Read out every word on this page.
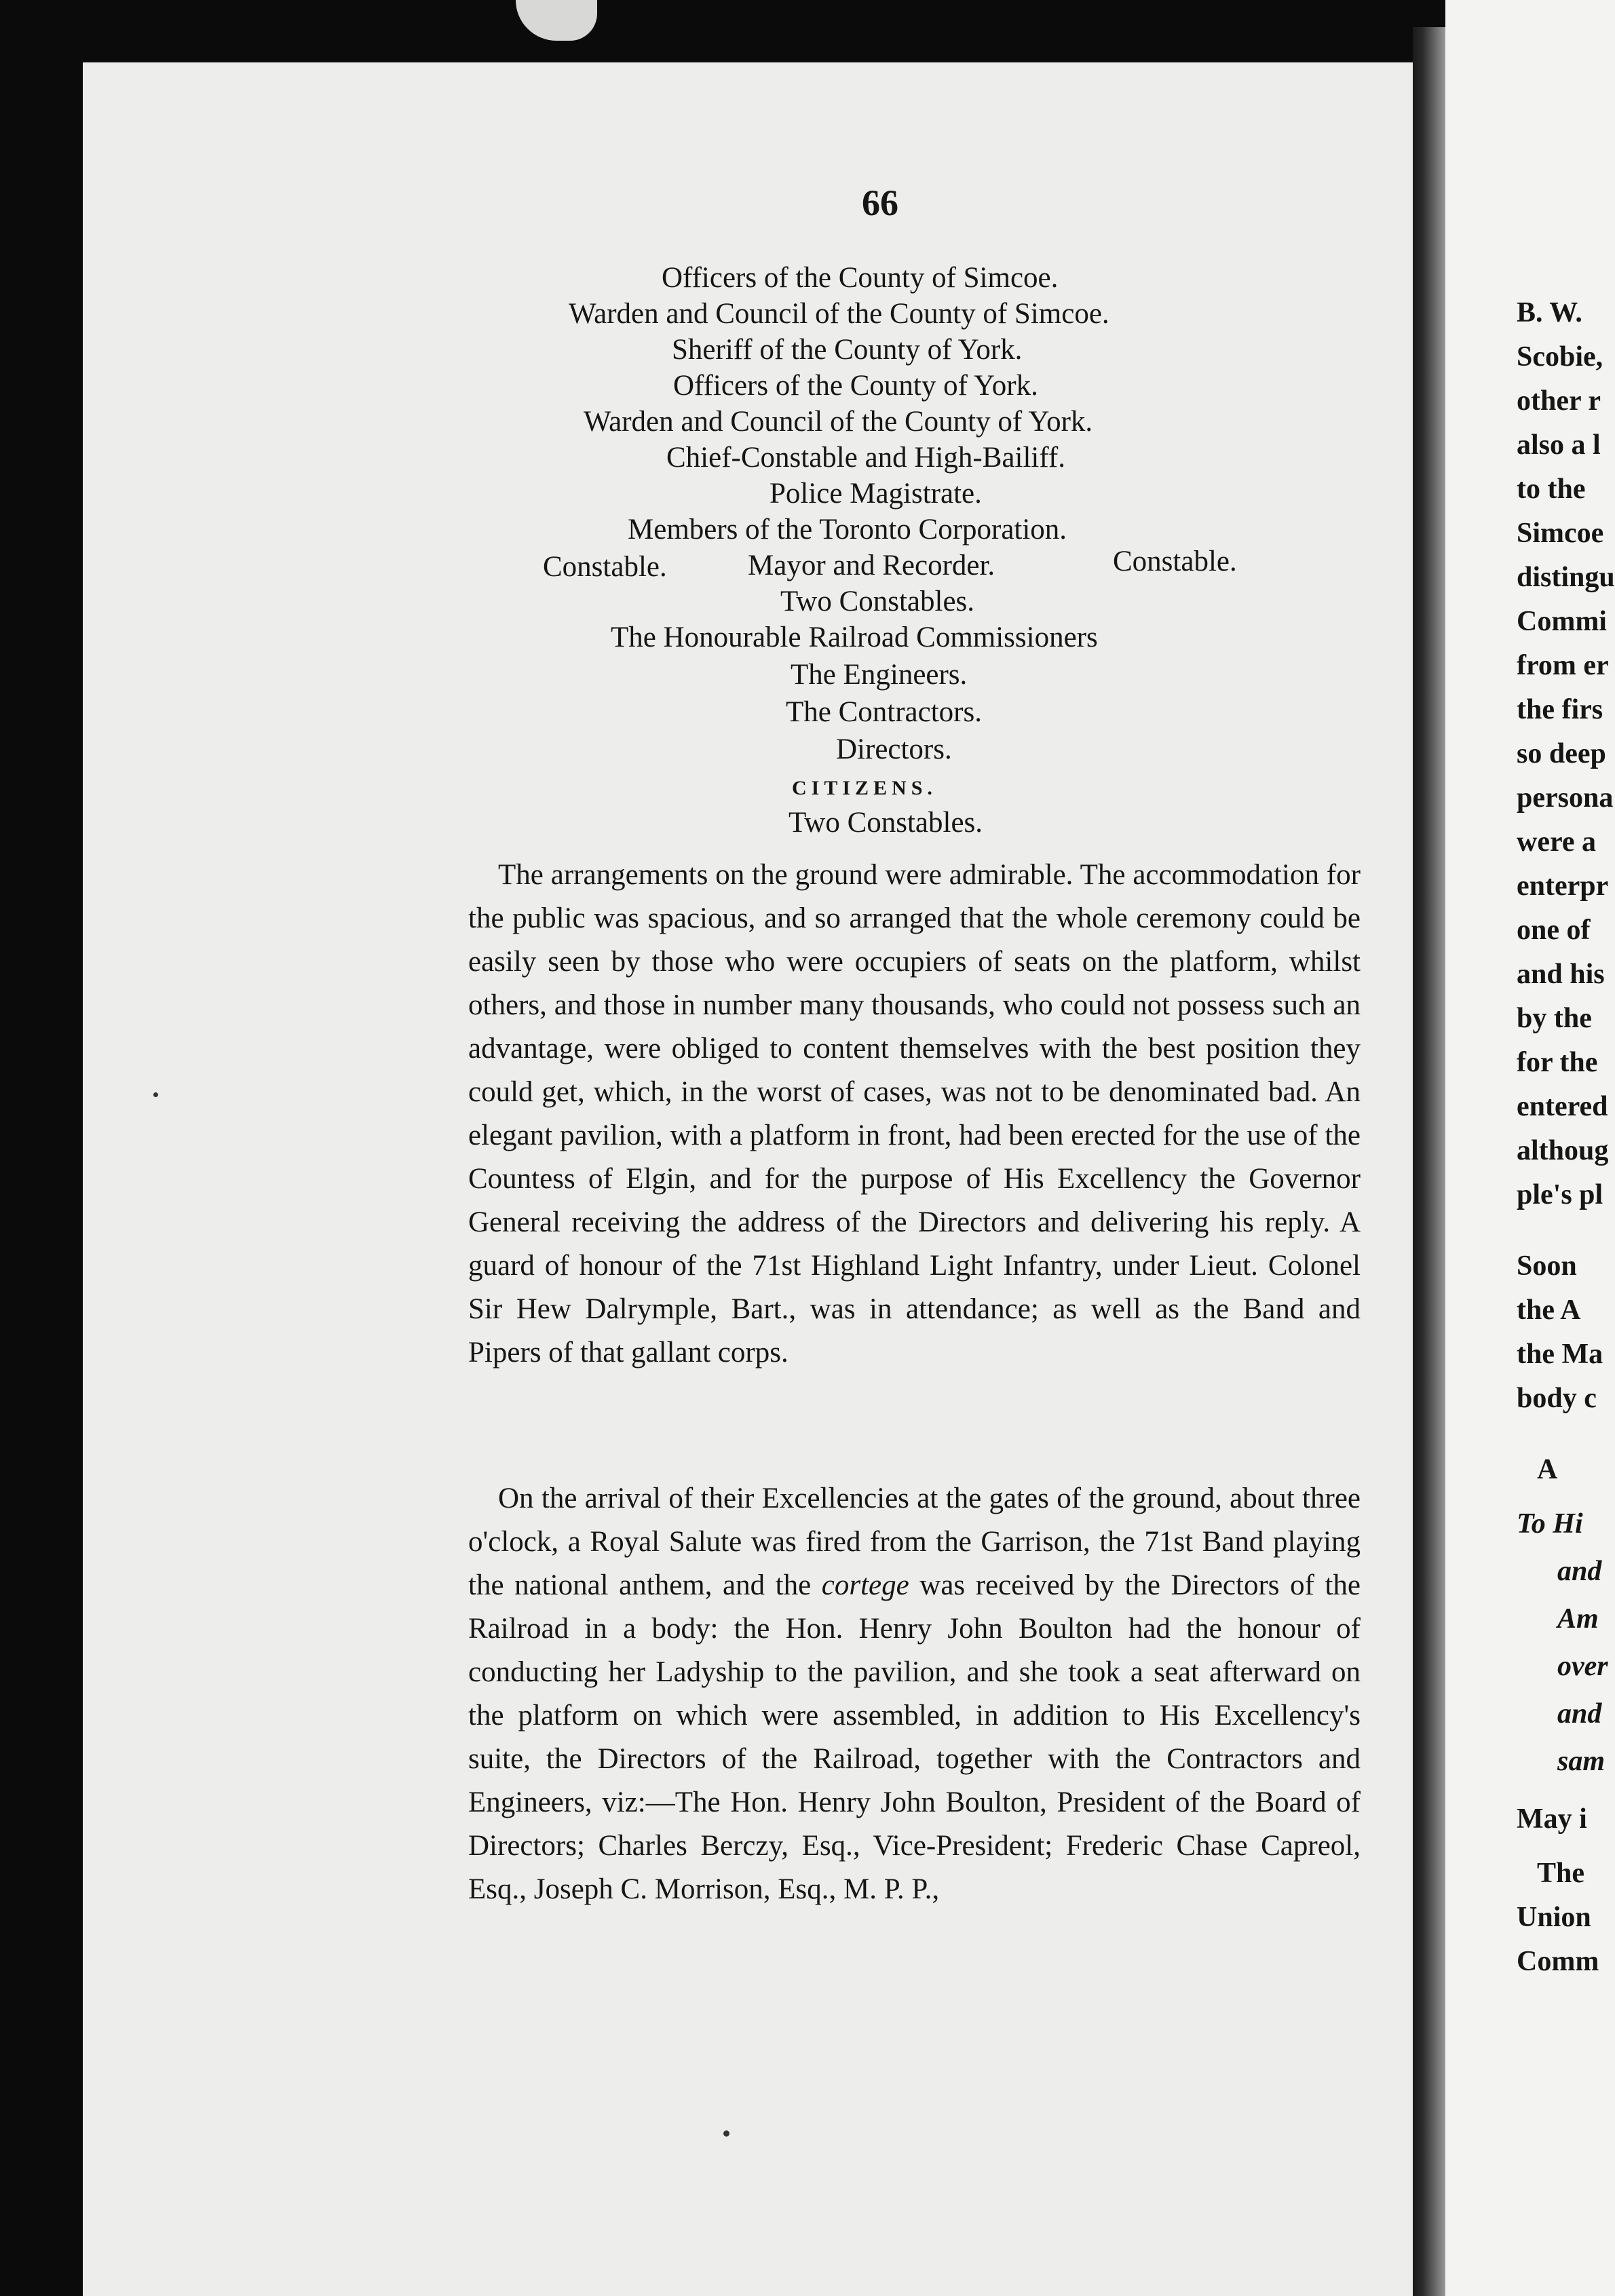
66
Officers of the County of Simcoe.
Warden and Council of the County of Simcoe.
Sheriff of the County of York.
Officers of the County of York.
Warden and Council of the County of York.
Chief-Constable and High-Bailiff.
Police Magistrate.
Members of the Toronto Corporation.
Constable.	Mayor and Recorder.	Constable.
Two Constables.
The Honourable Railroad Commissioners
The Engineers.
The Contractors.
Directors.
CITIZENS.
Two Constables.

The arrangements on the ground were admirable. The accommodation for the public was spacious, and so arranged that the whole ceremony could be easily seen by those who were occupiers of seats on the platform, whilst others, and those in number many thousands, who could not possess such an advantage, were obliged to content themselves with the best position they could get, which, in the worst of cases, was not to be denominated bad. An elegant pavilion, with a platform in front, had been erected for the use of the Countess of Elgin, and for the purpose of His Excellency the Governor General receiving the address of the Directors and delivering his reply. A guard of honour of the 71st Highland Light Infantry, under Lieut. Colonel Sir Hew Dalrymple, Bart., was in attendance; as well as the Band and Pipers of that gallant corps.

On the arrival of their Excellencies at the gates of the ground, about three o'clock, a Royal Salute was fired from the Garrison, the 71st Band playing the national anthem, and the cortege was received by the Directors of the Railroad in a body: the Hon. Henry John Boulton had the honour of conducting her Ladyship to the pavilion, and she took a seat afterward on the platform on which were assembled, in addition to His Excellency's suite, the Directors of the Railroad, together with the Contractors and Engineers, viz:—The Hon. Henry John Boulton, President of the Board of Directors; Charles Berczy, Esq., Vice-President; Frederic Chase Capreol, Esq., Joseph C. Morrison, Esq., M. P. P.,

B. W.
Scobie,
other r
also a l
to the
Simcoe
distingu
Commi
from er
the firs
so deep
persona
were a
enterpr
one of
and his
by the
for the
entered
althoug
ple's pl
Soon
the A
the Ma
body c
A
To Hi
and
Am
over
and
sam
May i
The
Union
Comm
